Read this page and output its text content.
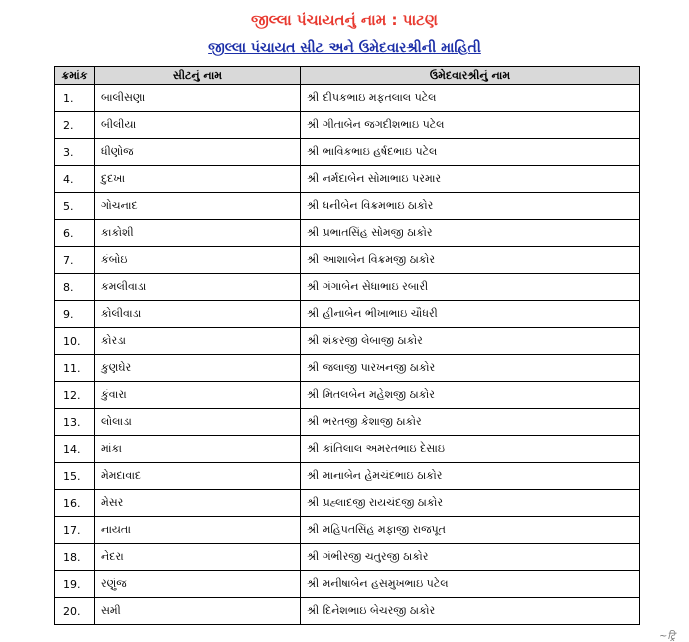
જીલ્લા પંચાયતનું નામ : પાટણ
જીલ્લા પંચાયત સીટ અને ઉમેદવારશ્રીની માહિતી
ક્રમાંક	સીટનું નામ	ઉમેદવારશ્રીનું નામ
1.	બાલીસણા	શ્રી દીપકભાઇ મફતલાલ પટેલ
2.	બીલીયા	શ્રી ગીતાબેન જગદીશભાઇ પટેલ
3.	ધીણોજ	શ્રી ભાવિકભાઇ હર્ષદભાઇ પટેલ
4.	દુદખા	શ્રી નર્મદાબેન સોમાભાઇ પરમાર
5.	ગોચનાદ	શ્રી ધનીબેન વિક્રમભાઇ ઠાકોર
6.	કાકોશી	શ્રી પ્રભાતસિંહ સોમજી ઠાકોર
7.	કંબોઇ	શ્રી આશાબેન વિક્રમજી ઠાકોર
8.	કમલીવાડા	શ્રી ગંગાબેન સેધાભાઇ રબારી
9.	કોલીવાડા	શ્રી હીનાબેન ભીખાભાઇ ચૌધરી
10.	કોરડા	શ્રી શંકરજી લેબાજી ઠાકોર
11.	કુણઘેર	શ્રી જલાજી પારખનજી ઠાકોર
12.	કુંવારા	શ્રી મિતલબેન મહેશજી ઠાકોર
13.	લોલાડા	શ્રી ભરતજી કેશાજી ઠાકોર
14.	માંકા	શ્રી કાંતિલાલ અમરતભાઇ દેસાઇ
15.	મેમદાવાદ	શ્રી માનાબેન હેમચંદભાઇ ઠાકોર
16.	મેસર	શ્રી પ્રહ્લાદજી રાયચંદજી ઠાકોર
17.	નાયતા	શ્રી મહિપતસિંહ મફાજી રાજપૂત
18.	નેદરા	શ્રી ગંભીરજી ચતુરજી ઠાકોર
19.	રણુંજ	શ્રી મનીષાબેન હસમુખભાઇ પટેલ
20.	સમી	શ્રી દિનેશભાઇ બેચરજી ઠાકોર
~ट्रि
